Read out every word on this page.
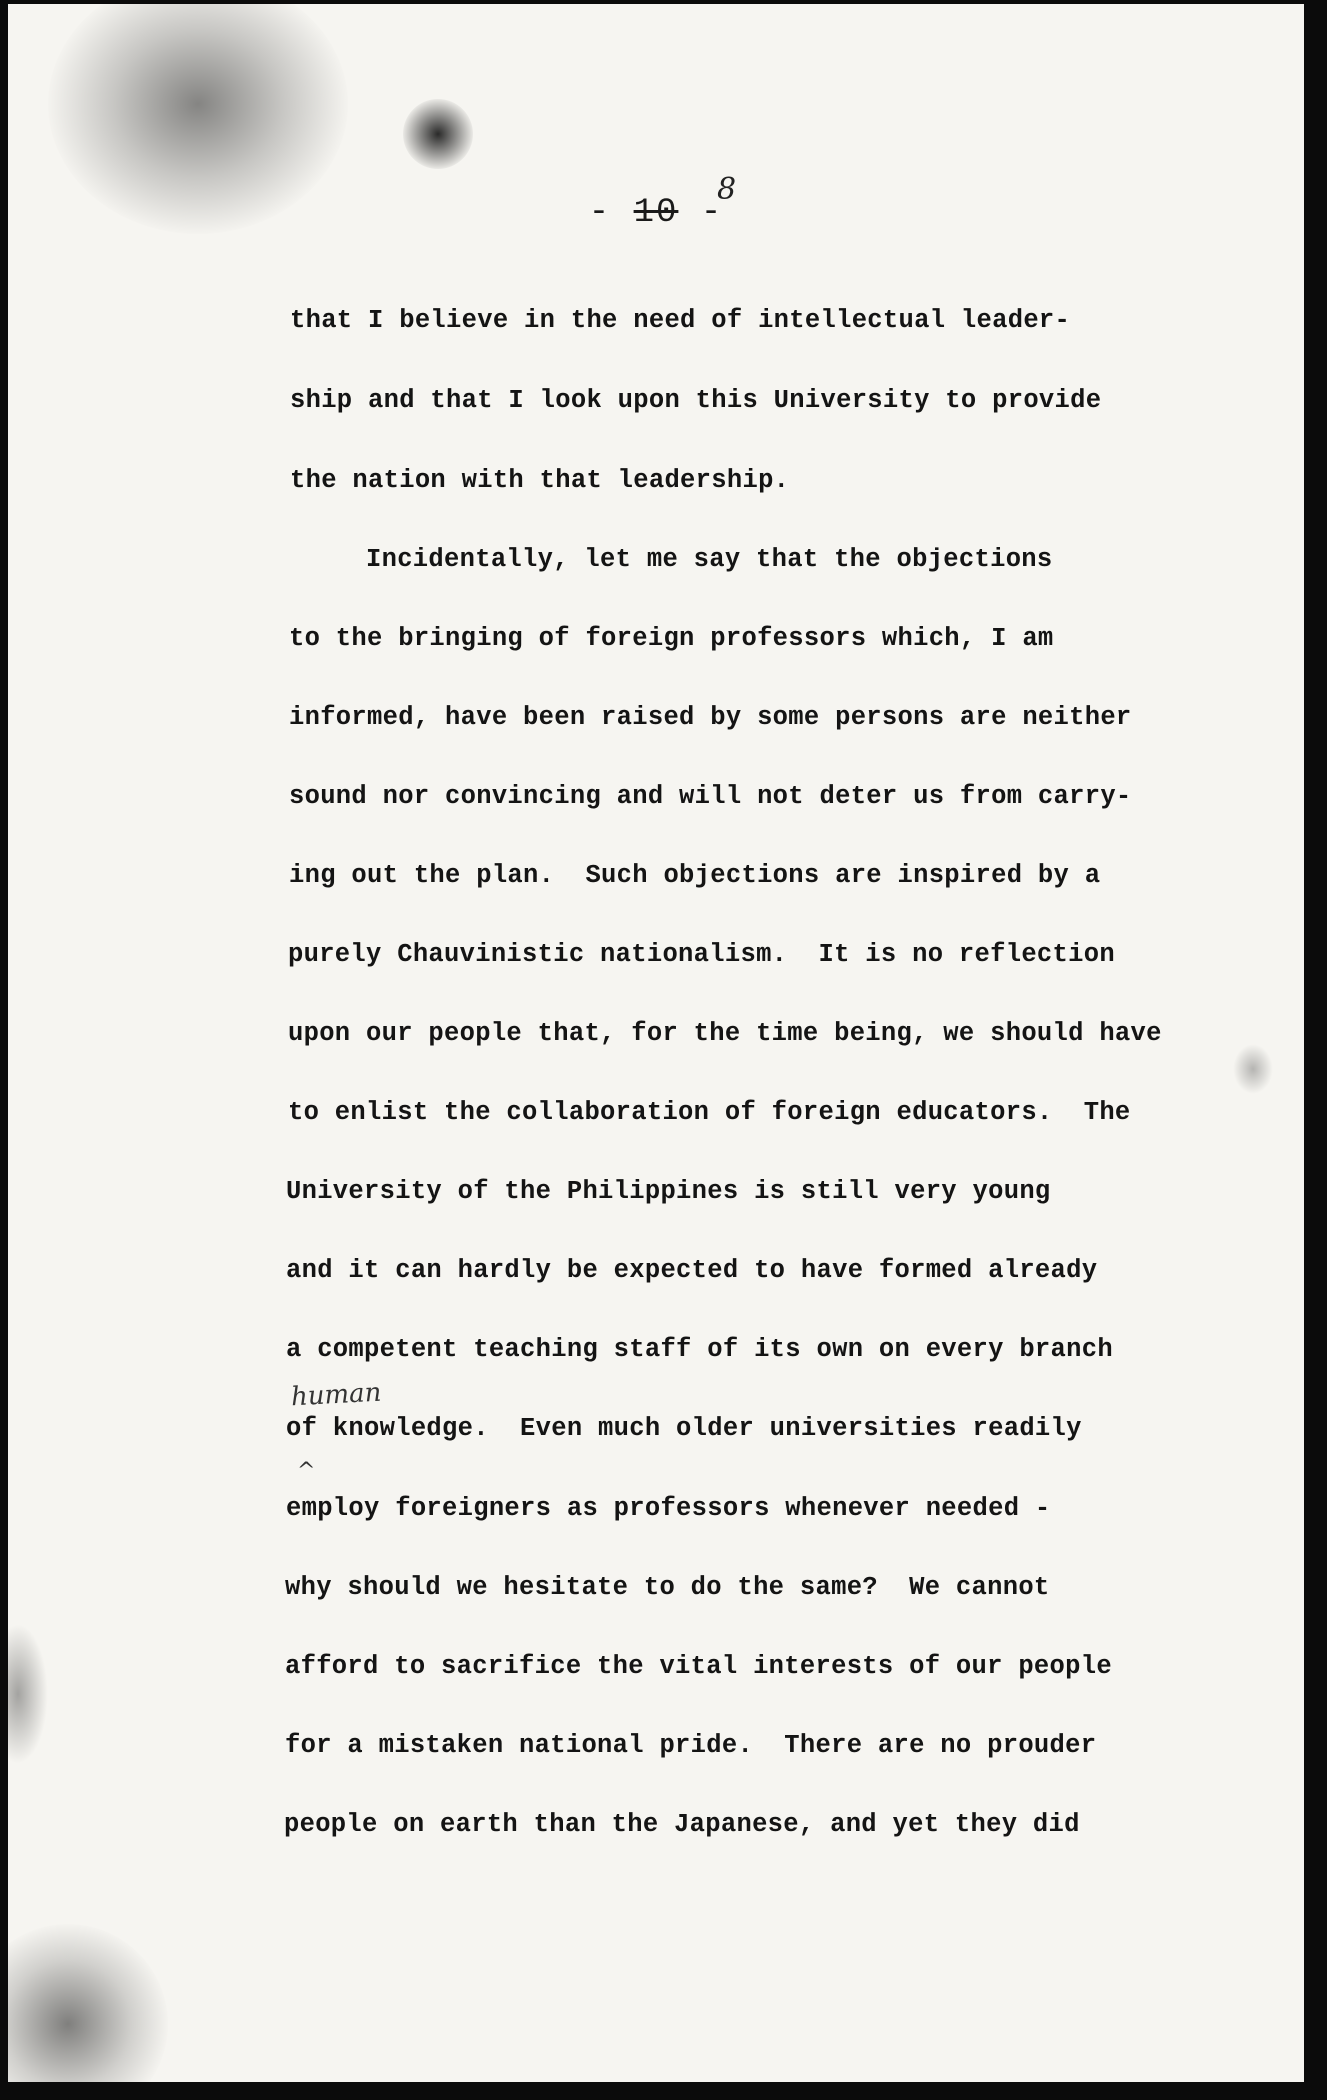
- 10 -
8
that I believe in the need of intellectual leader-
ship and that I look upon this University to provide
the nation with that leadership.
Incidentally, let me say that the objections
to the bringing of foreign professors which, I am
informed, have been raised by some persons are neither
sound nor convincing and will not deter us from carry-
ing out the plan.  Such objections are inspired by a
purely Chauvinistic nationalism.  It is no reflection
upon our people that, for the time being, we should have
to enlist the collaboration of foreign educators.  The
University of the Philippines is still very young
and it can hardly be expected to have formed already
a competent teaching staff of its own on every branch
of knowledge.  Even much older universities readily
employ foreigners as professors whenever needed -
why should we hesitate to do the same?  We cannot
afford to sacrifice the vital interests of our people
for a mistaken national pride.  There are no prouder
people on earth than the Japanese, and yet they did
human
^
